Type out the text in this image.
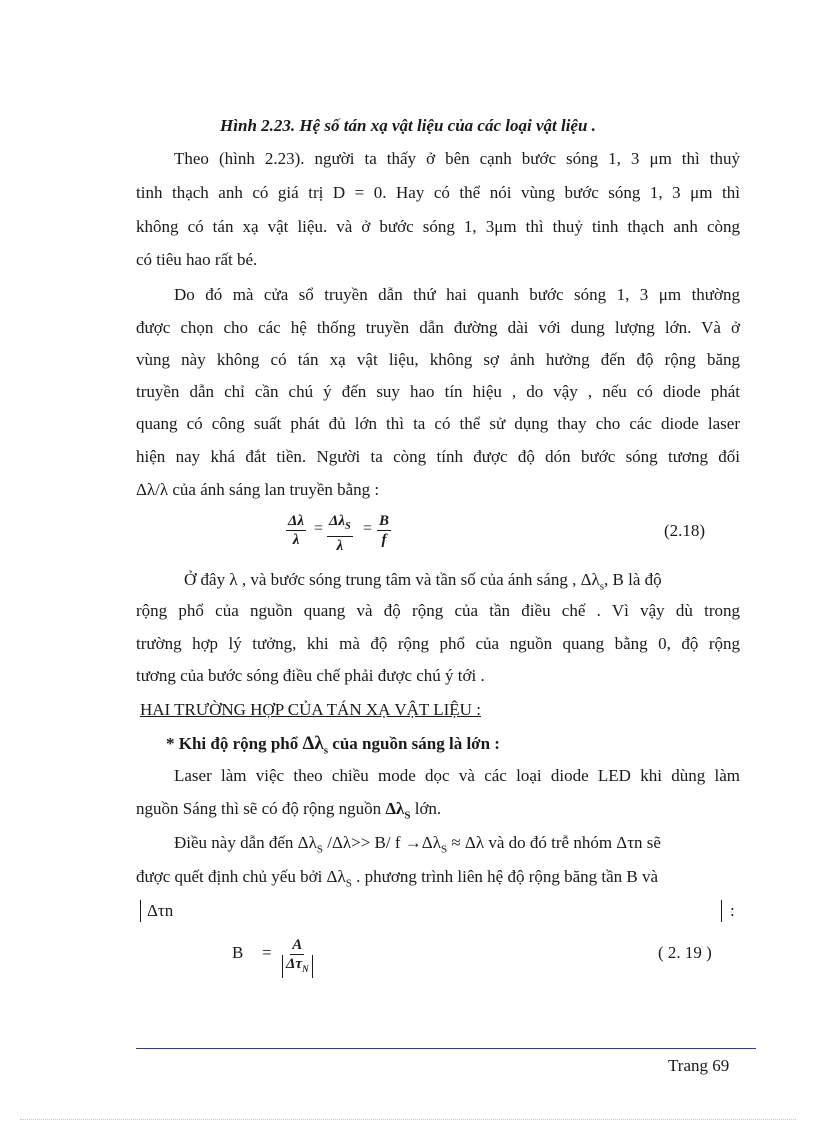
Hình 2.23. Hệ số tán xạ vật liệu của các loại vật liệu .
Theo (hình 2.23). người ta thấy ở bên cạnh bước sóng 1, 3 μm thì thuỷ
tinh thạch anh có giá trị D = 0. Hay có thể nói vùng bước sóng 1, 3 μm thì
không có tán xạ vật liệu. và ở bước sóng 1, 3μm thì thuỷ tinh thạch anh còng
có tiêu hao rất bé.
Do đó mà cửa sổ truyền dẫn thứ hai quanh bước sóng 1, 3 μm thường
được chọn cho các hệ thống truyền dẫn đường dài với dung lượng lớn. Và ở
vùng này không có tán xạ vật liệu, không sợ ảnh hưởng đến độ rộng băng
truyền dẫn chỉ cần chú ý đến suy hao tín hiệu , do vậy , nếu có diode phát
quang có công suất phát đủ lớn thì ta có thể sử dụng thay cho các diode laser
hiện nay khá đắt tiền. Người ta còng tính được độ dón bước sóng tương đối
Δλ/λ của ánh sáng lan truyền bằng :
$\frac{\Delta\lambda}{\lambda} = \Delta\lambda_S$
λ
= $\frac{B}{f}$	(2.18)
Ở đây λ , và bước sóng trung tâm và tần số của ánh sáng , $\Delta\lambda_s$, B là độ
rộng phổ của nguồn quang và độ rộng của tần điều chế . Vì vậy dù trong
trường hợp lý tưởng, khi mà độ rộng phổ của nguồn quang bằng 0, độ rộng
tương của bước sóng điều chế phải được chú ý tới .
HAI TRƯỜNG HỢP CỦA TÁN XẠ VẬT LIỆU :
* Khi độ rộng phổ $\Delta\lambda_s$ của nguồn sáng là lớn :
Laser làm việc theo chiều mode dọc và các loại diode LED khi dùng làm
nguồn Sáng thì sẽ có độ rộng nguồn $\Delta\lambda_S$ lớn.
Điều này dẫn đến $\Delta\lambda_S$ /Δλ>> B/ $f \to\Delta\lambda_S \approx \Delta\lambda$ và do đó trễ nhóm Δτn sẽ
được quết định chủ yếu bởi $\Delta\lambda_S$ . phương trình liên hệ độ rộng băng tần B và
Δτn	:
B = A
$\Delta\tau_N$
( 2. 19 )
Trang 69
